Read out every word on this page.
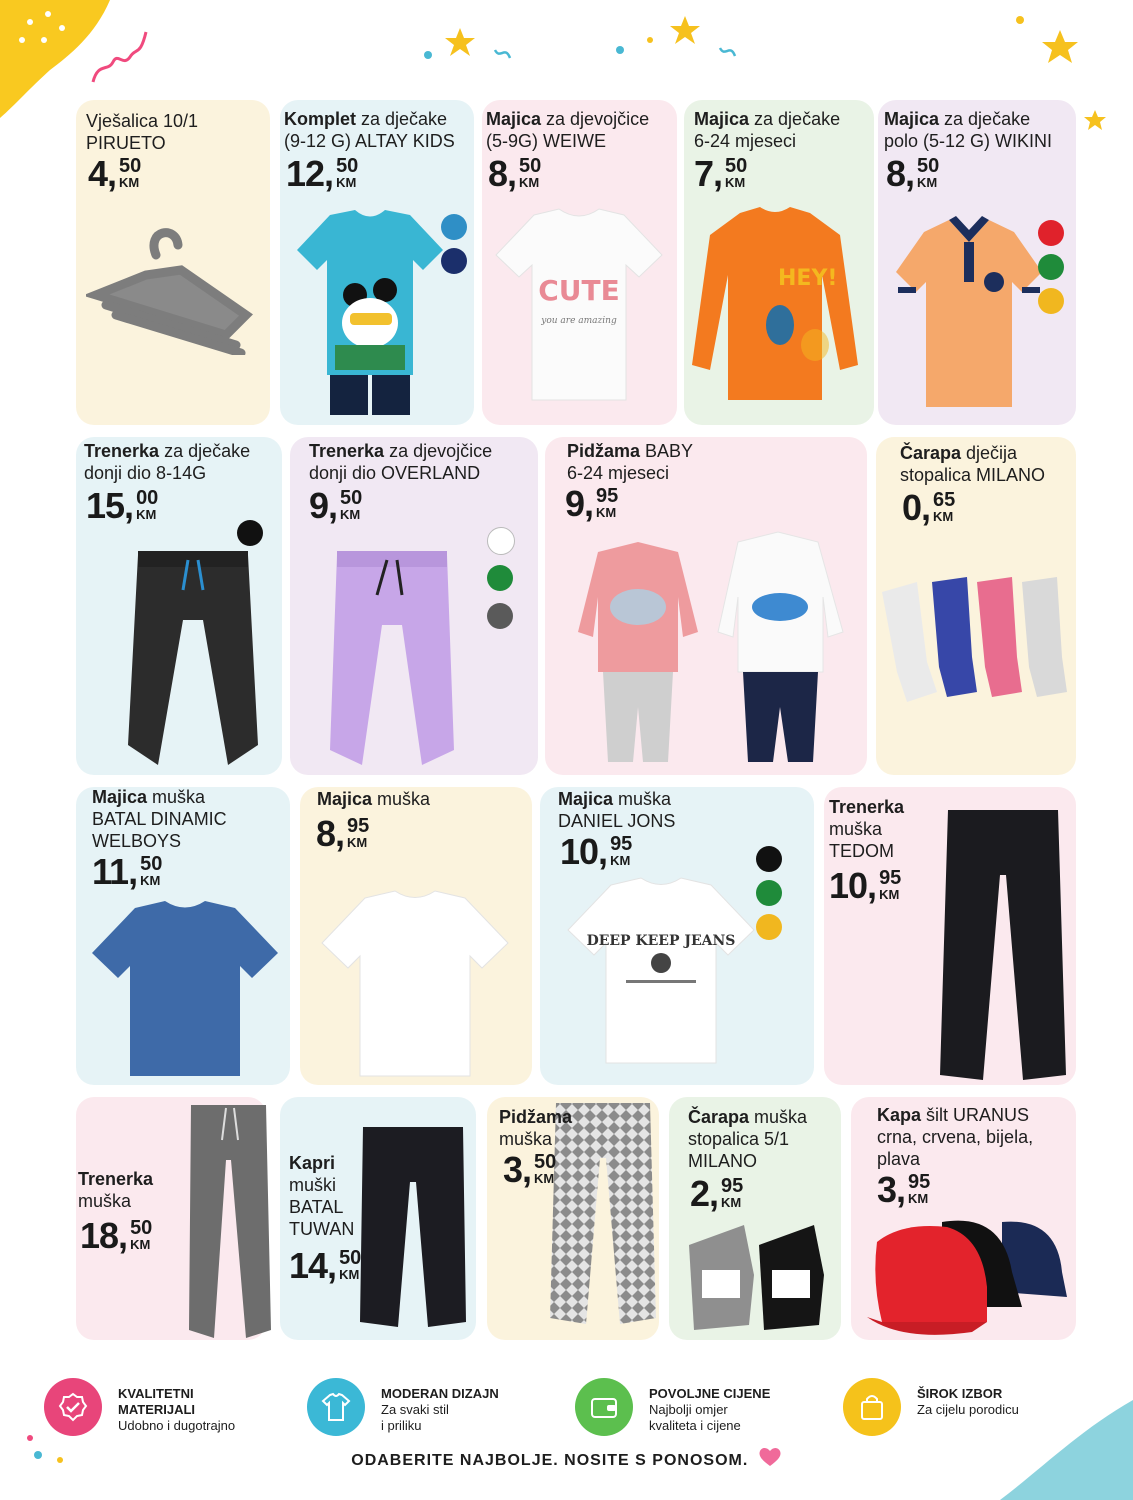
Vješalica 10/1
PIRUETO
4 , 50
KM
Komplet za dječake
(9-12 G) ALTAY KIDS
12 , 50
KM
CUTE
you are amazing
Majica za djevojčice
(5-9G) WEIWE
8 , 50
KM
HEY!
Majica za dječake
6-24 mjeseci
7 , 50
KM
Majica za dječake
polo (5-12 G) WIKINI
8 , 50
KM
Trenerka za dječake
donji dio 8-14G
15 , 00
KM
Trenerka za djevojčice
donji dio OVERLAND
9 , 50
KM
Pidžama BABY
6-24 mjeseci
9 , 95
KM
Čarapa dječija
stopalica MILANO
0 , 65
KM
Majica muška
BATAL DINAMIC
WELBOYS
11 , 50
KM
Majica muška
8 , 95
KM
DEEP KEEP JEANS
Majica muška
DANIEL JONS
10 , 95
KM
Trenerka
muška
TEDOM
10 , 95
KM
Trenerka
muška
18 , 50
KM
Kapri
muški
BATAL
TUWAN
14 , 50
KM
Pidžama
muška
3 , 50
KM
Čarapa muška
stopalica 5/1
MILANO
2 , 95
KM
Kapa šilt URANUS
crna, crvena, bijela,
plava
3 , 95
KM
KVALITETNI
MATERIJALI
Udobno i dugotrajno
MODERAN DIZAJN
Za svaki stil
i priliku
POVOLJNE CIJENE
Najbolji omjer
kvaliteta i cijene
ŠIROK IZBOR
Za cijelu porodicu
ODABERITE NAJBOLJE. NOSITE S PONOSOM.
